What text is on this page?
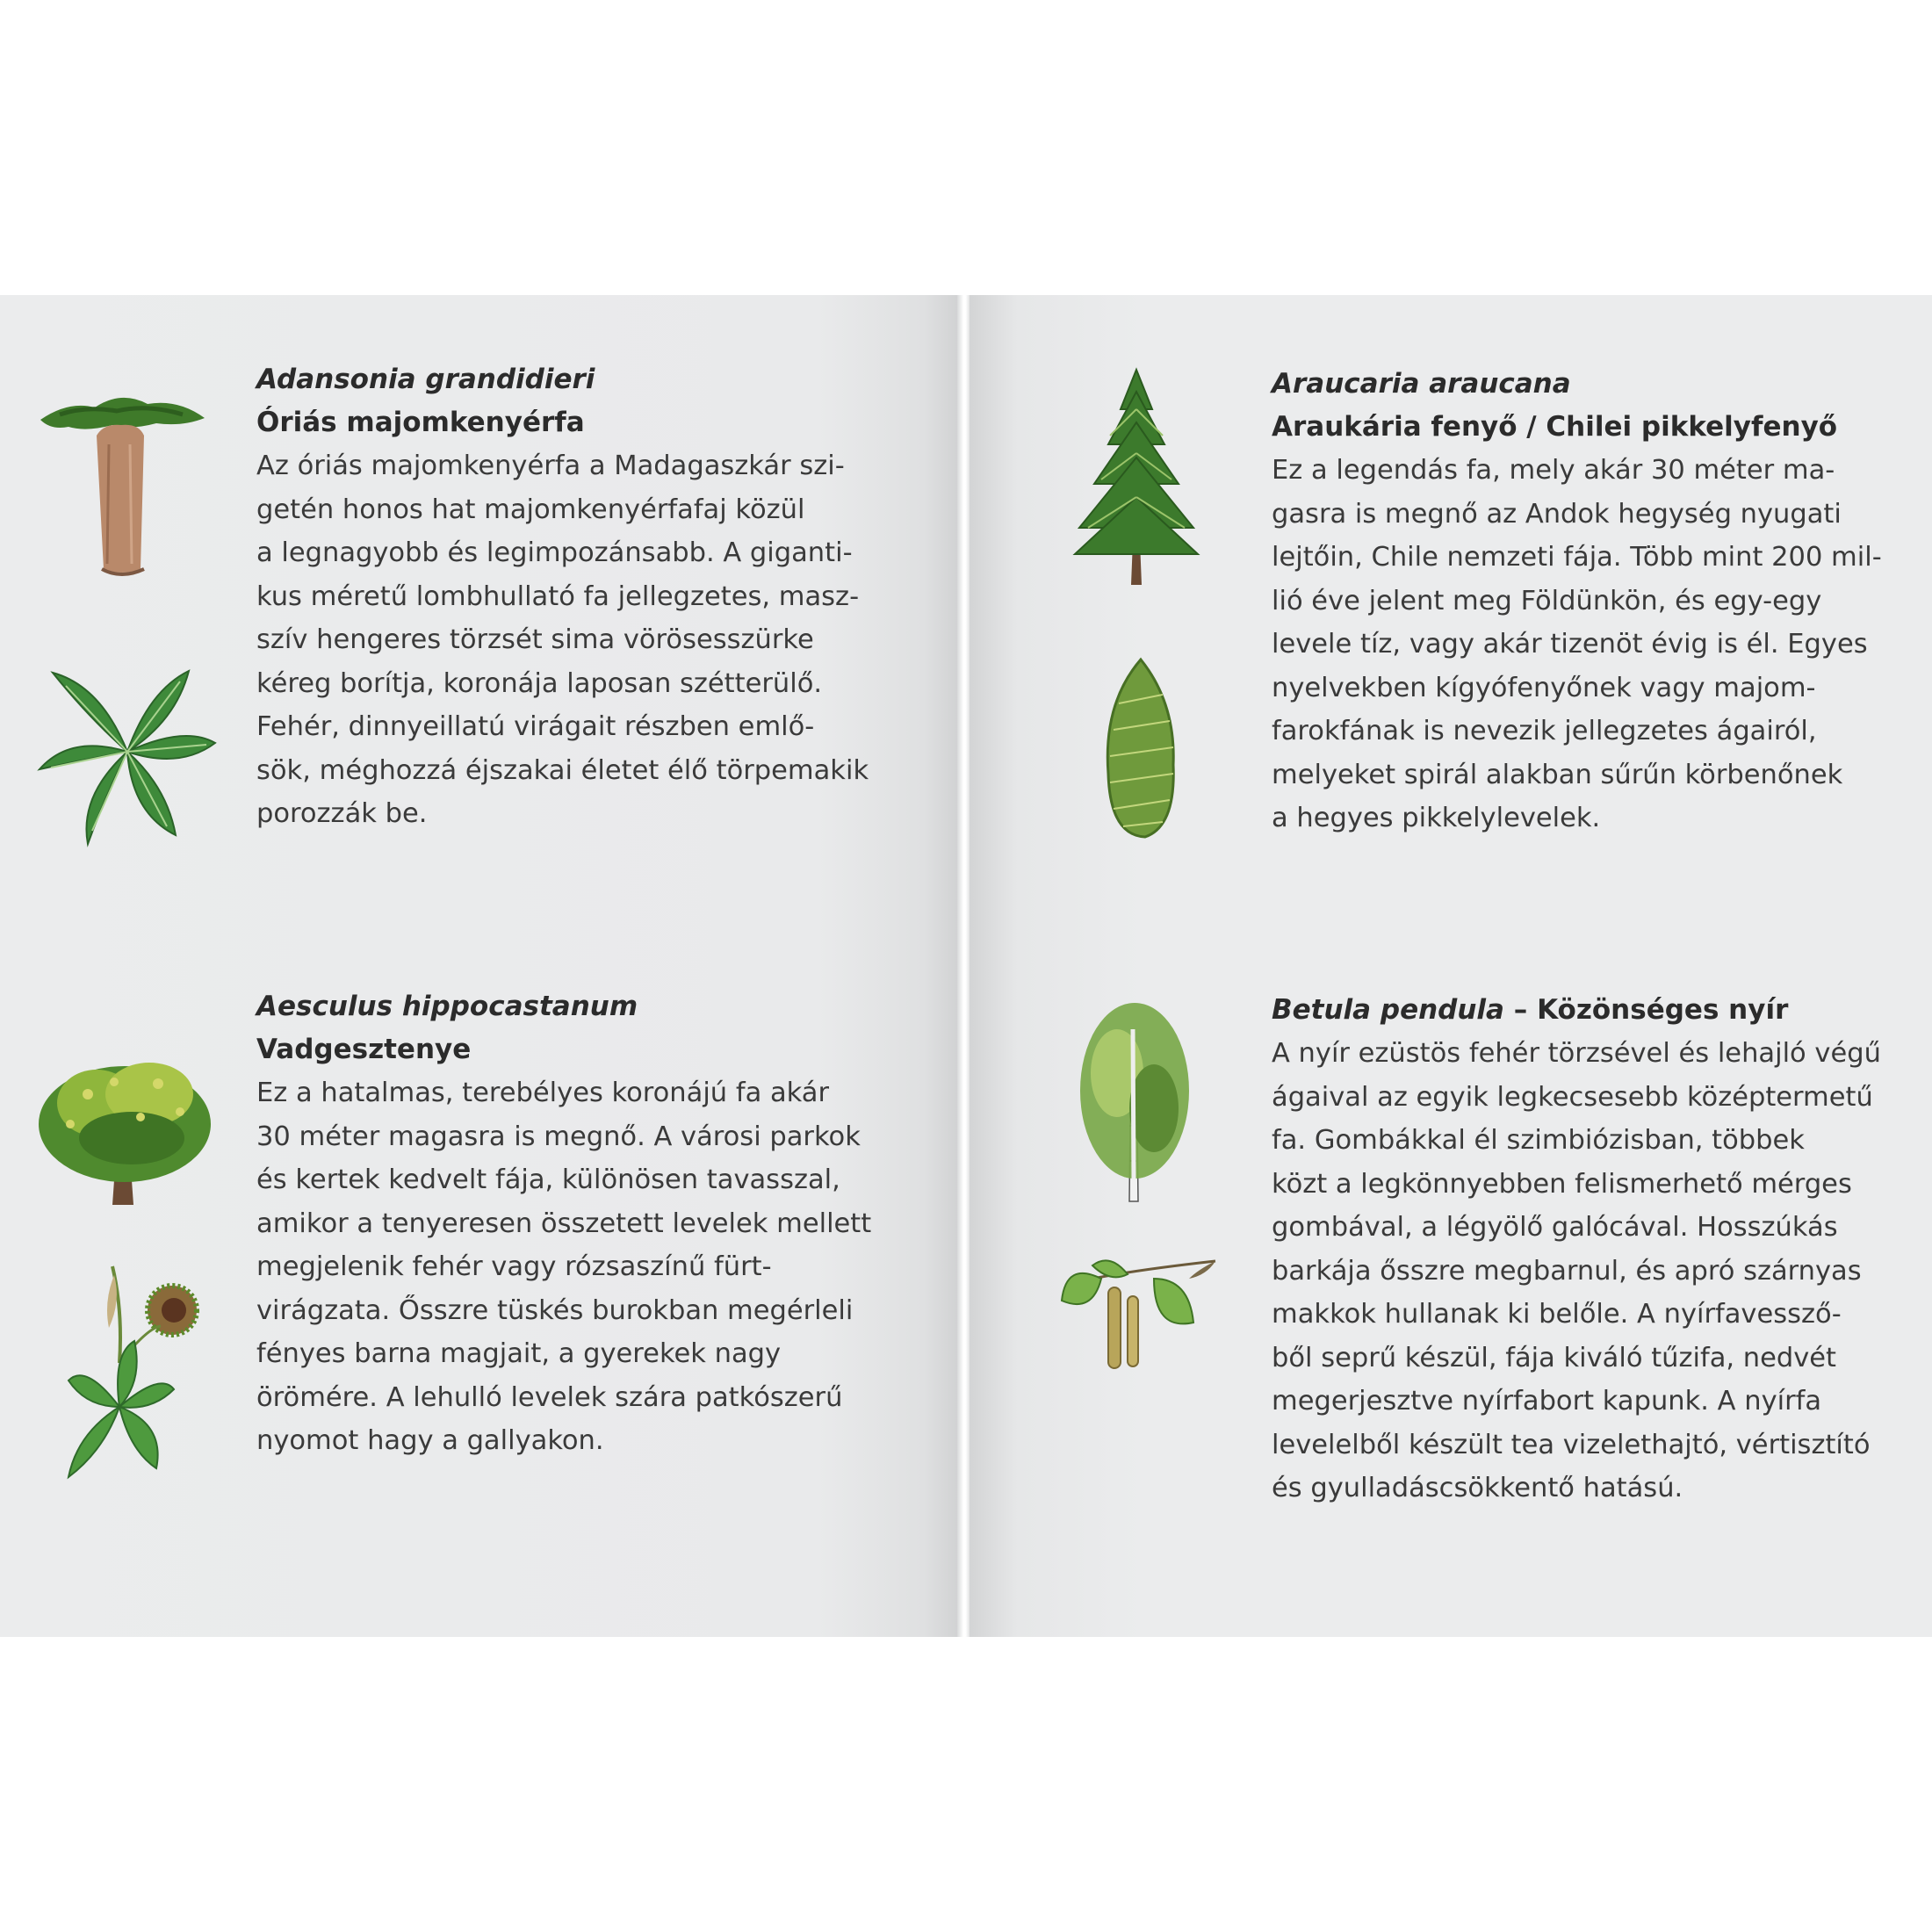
Adansonia grandidieri
Óriás majomkenyérfa
Az óriás majomkenyérfa a Madagaszkár szi-
getén honos hat majomkenyérfafaj közül
a legnagyobb és legimpozánsabb. A giganti-
kus méretű lombhullató fa jellegzetes, masz-
szív hengeres törzsét sima vörösesszürke
kéreg borítja, koronája laposan szétterülő.
Fehér, dinnyeillatú virágait részben emlő-
sök, méghozzá éjszakai életet élő törpemakik
porozzák be.
Aesculus hippocastanum
Vadgesztenye
Ez a hatalmas, terebélyes koronájú fa akár
30 méter magasra is megnő. A városi parkok
és kertek kedvelt fája, különösen tavasszal,
amikor a tenyeresen összetett levelek mellett
megjelenik fehér vagy rózsaszínű fürt-
virágzata. Ősszre tüskés burokban megérleli
fényes barna magjait, a gyerekek nagy
örömére. A lehulló levelek szára patkószerű
nyomot hagy a gallyakon.
Araucaria araucana
Araukária fenyő / Chilei pikkelyfenyő
Ez a legendás fa, mely akár 30 méter ma-
gasra is megnő az Andok hegység nyugati
lejtőin, Chile nemzeti fája. Több mint 200 mil-
lió éve jelent meg Földünkön, és egy-egy
levele tíz, vagy akár tizenöt évig is él. Egyes
nyelvekben kígyófenyőnek vagy majom-
farokfának is nevezik jellegzetes ágairól,
melyeket spirál alakban sűrűn körbenőnek
a hegyes pikkelylevelek.
Betula pendula – Közönséges nyír
A nyír ezüstös fehér törzsével és lehajló végű
ágaival az egyik legkecsesebb középtermetű
fa. Gombákkal él szimbiózisban, többek
közt a legkönnyebben felismerhető mérges
gombával, a légyölő galócával. Hosszúkás
barkája ősszre megbarnul, és apró szárnyas
makkok hullanak ki belőle. A nyírfavessző-
ből seprű készül, fája kiváló tűzifa, nedvét
megerjesztve nyírfabort kapunk. A nyírfa
levelelből készült tea vizelethajtó, vértisztító
és gyulladáscsökkentő hatású.
